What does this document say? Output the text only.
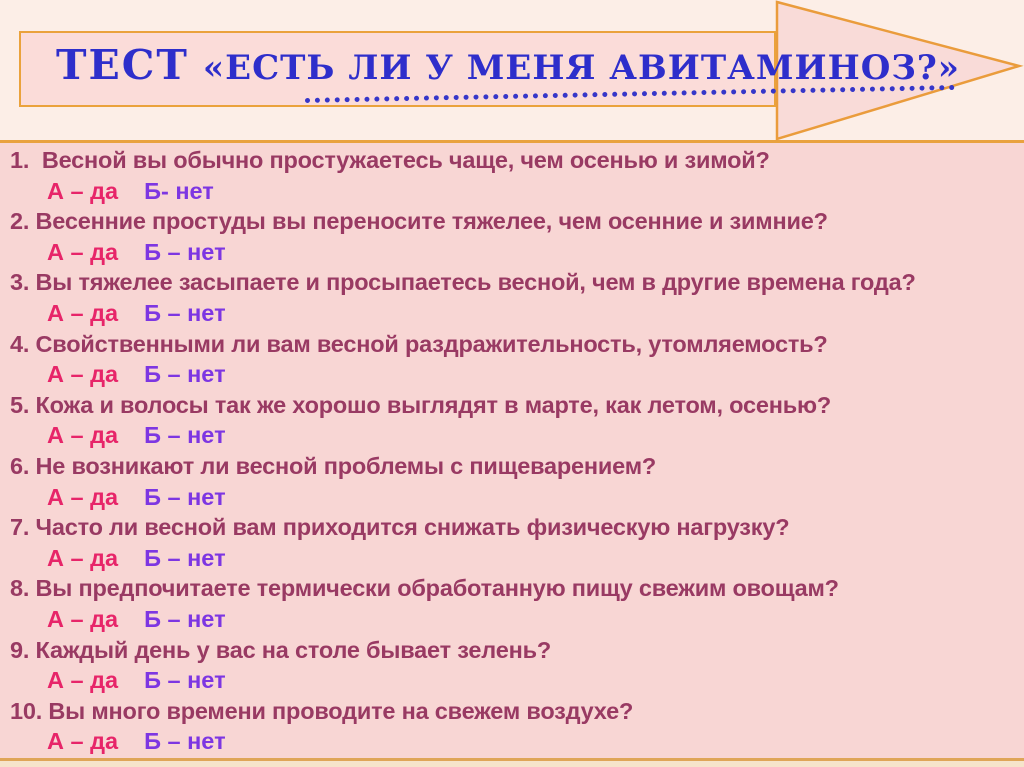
ТЕСТ «ЕСТЬ ЛИ У МЕНЯ АВИТАМИНОЗ?»
1.  Весной вы обычно простужаетесь чаще, чем осенью и зимой?
А – да Б- нет
2. Весенние простуды вы переносите тяжелее, чем осенние и зимние?
А – да Б – нет
3. Вы тяжелее засыпаете и просыпаетесь весной, чем в другие времена года?
А – да Б – нет
4. Свойственными ли вам весной раздражительность, утомляемость?
А – да Б – нет
5. Кожа и волосы так же хорошо выглядят в марте, как летом, осенью?
А – да Б – нет
6. Не возникают ли весной проблемы с пищеварением?
А – да Б – нет
7. Часто ли весной вам приходится снижать физическую нагрузку?
А – да Б – нет
8. Вы предпочитаете термически обработанную пищу свежим овощам?
А – да Б – нет
9. Каждый день у вас на столе бывает зелень?
А – да Б – нет
10. Вы много времени проводите на свежем воздухе?
А – да Б – нет
